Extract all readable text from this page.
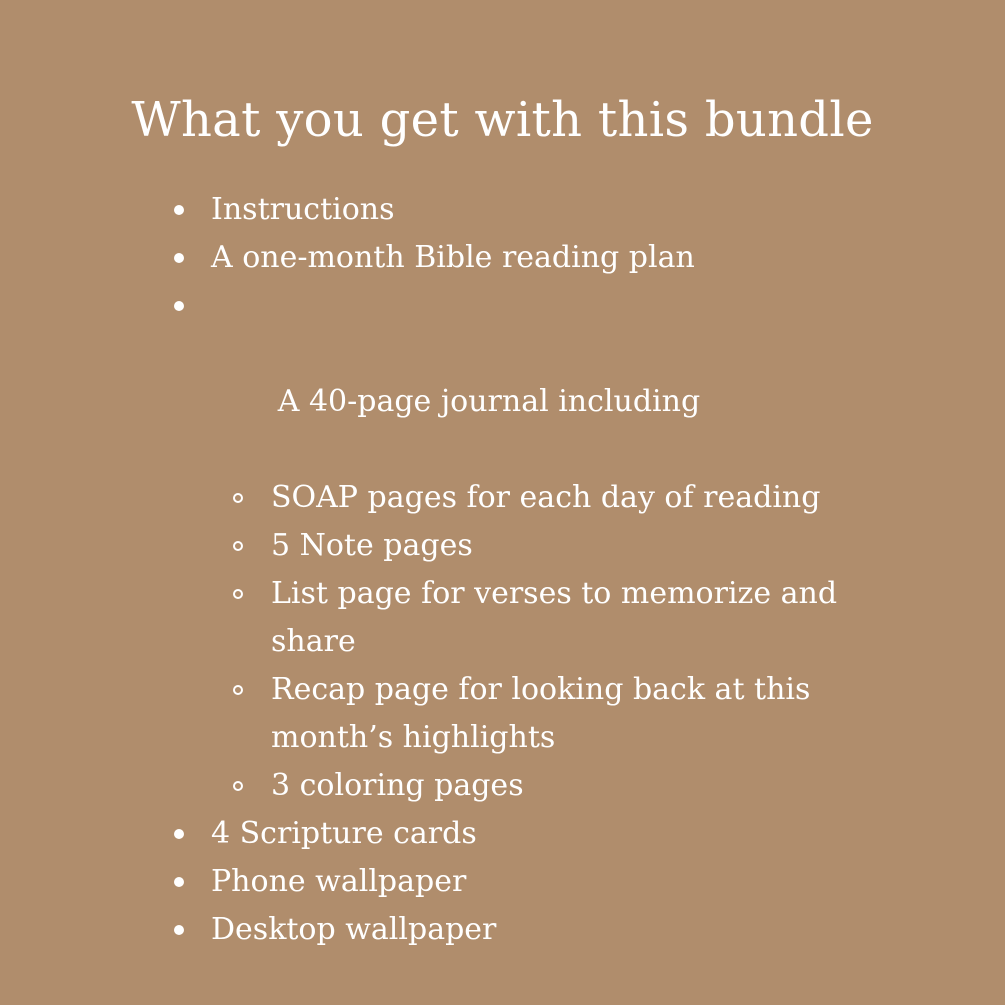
What you get with this bundle
Instructions
A one-month Bible reading plan

A 40-page journal including

SOAP pages for each day of reading
5 Note pages
List page for verses to memorize and share
Recap page for looking back at this month’s highlights
3 coloring pages
4 Scripture cards
Phone wallpaper
Desktop wallpaper
